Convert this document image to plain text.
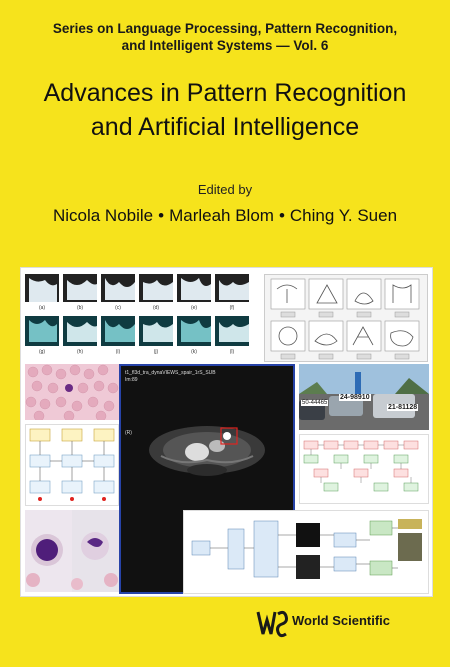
Series on Language Processing, Pattern Recognition,
and Intelligent Systems — Vol. 6
Advances in Pattern Recognition
and Artificial Intelligence
Edited by
Nicola Nobile • Marleah Blom • Ching Y. Suen
(a)	(b)	(c)	(d)	(e)	(f)
(g)	(h)	(i)	(j)	(k)	(l)
t1_fl3d_tra_dynaVIEWS_spair_1rS_SUB
Im:89
(R)
50-44465
24-98910
21-81128
World Scientific
